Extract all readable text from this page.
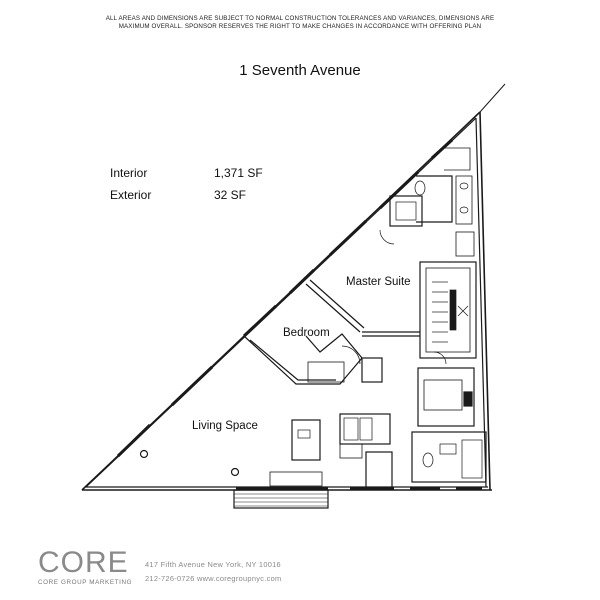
ALL AREAS AND DIMENSIONS ARE SUBJECT TO NORMAL CONSTRUCTION TOLERANCES AND VARIANCES, DIMENSIONS ARE MAXIMUM OVERALL. SPONSOR RESERVES THE RIGHT TO MAKE CHANGES IN ACCORDANCE WITH OFFERING PLAN
1 Seventh Avenue
Interior	1,371 SF
Exterior	32 SF
Master Suite
Bedroom
Living Space
CORE
CORE GROUP MARKETING
417 Fifth Avenue New York, NY 10016
212-726-0726 www.coregroupnyc.com
